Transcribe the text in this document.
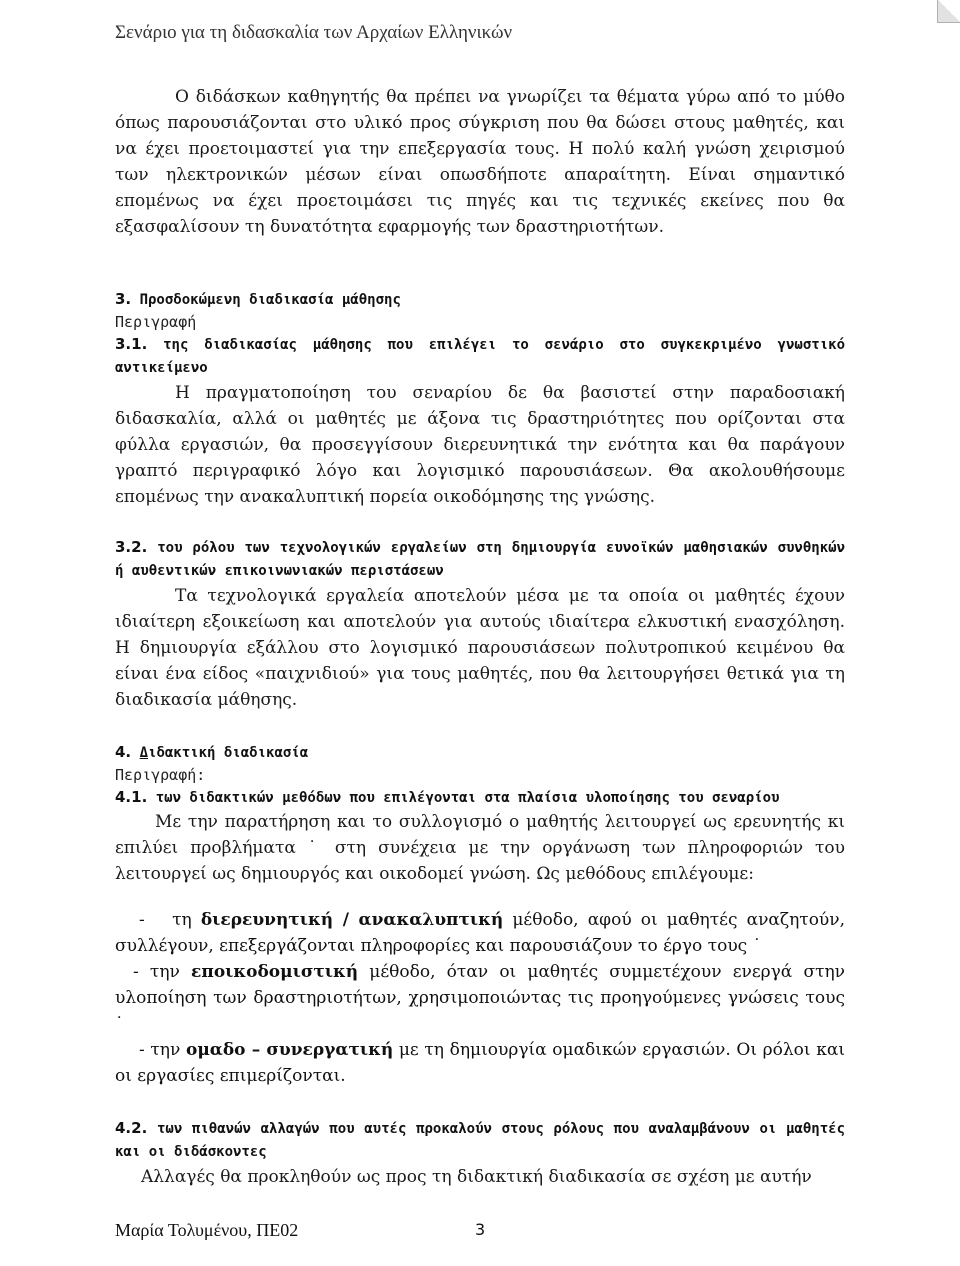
Σενάριο για τη διδασκαλία των Αρχαίων Ελληνικών

Ο διδάσκων καθηγητής θα πρέπει να γνωρίζει τα θέματα γύρω από το μύθο όπως παρουσιάζονται στο υλικό προς σύγκριση που θα δώσει στους μαθητές, και να έχει προετοιμαστεί για την επεξεργασία τους. Η πολύ καλή γνώση χειρισμού των ηλεκτρονικών μέσων είναι οπωσδήποτε απαραίτητη. Είναι σημαντικό επομένως να έχει προετοιμάσει τις πηγές και τις τεχνικές εκείνες που θα εξασφαλίσουν τη δυνατότητα εφαρμογής των δραστηριοτήτων.

3. Προσδοκώμενη διαδικασία μάθησης

Περιγραφή

3.1. της διαδικασίας μάθησης που επιλέγει το σενάριο στο συγκεκριμένο γνωστικό αντικείμενο

Η πραγματοποίηση του σεναρίου δε θα βασιστεί στην παραδοσιακή διδασκαλία, αλλά οι μαθητές με άξονα τις δραστηριότητες που ορίζονται στα φύλλα εργασιών, θα προσεγγίσουν διερευνητικά την ενότητα και θα παράγουν γραπτό περιγραφικό λόγο και λογισμικό παρουσιάσεων. Θα ακολουθήσουμε επομένως την ανακαλυπτική πορεία οικοδόμησης της γνώσης.

3.2. του ρόλου των τεχνολογικών εργαλείων στη δημιουργία ευνοϊκών μαθησιακών συνθηκών ή αυθεντικών επικοινωνιακών περιστάσεων

Τα τεχνολογικά εργαλεία αποτελούν μέσα με τα οποία οι μαθητές έχουν ιδιαίτερη εξοικείωση και αποτελούν για αυτούς ιδιαίτερα ελκυστική ενασχόληση. Η δημιουργία εξάλλου στο λογισμικό παρουσιάσεων πολυτροπικού κειμένου θα είναι ένα είδος «παιχνιδιού» για τους μαθητές, που θα λειτουργήσει θετικά για τη διαδικασία μάθησης.

4. Διδακτική διαδικασία

Περιγραφή:

4.1. των διδακτικών μεθόδων που επιλέγονται στα πλαίσια υλοποίησης του σεναρίου

Με την παρατήρηση και το συλλογισμό ο μαθητής λειτουργεί ως ερευνητής κι επιλύει προβλήματα ˙ στη συνέχεια με την οργάνωση των πληροφοριών του λειτουργεί ως δημιουργός και οικοδομεί γνώση. Ως μεθόδους επιλέγουμε:

-   τη διερευνητική / ανακαλυπτική μέθοδο, αφού οι μαθητές αναζητούν, συλλέγουν, επεξεργάζονται πληροφορίες και παρουσιάζουν το έργο τους ˙

- την εποικοδομιστική μέθοδο, όταν οι μαθητές συμμετέχουν ενεργά στην υλοποίηση των δραστηριοτήτων, χρησιμοποιώντας τις προηγούμενες γνώσεις τους ˙

- την ομαδο – συνεργατική με τη δημιουργία ομαδικών εργασιών. Οι ρόλοι και οι εργασίες επιμερίζονται.

4.2. των πιθανών αλλαγών που αυτές προκαλούν στους ρόλους που αναλαμβάνουν οι μαθητές και οι διδάσκοντες

Αλλαγές θα προκληθούν ως προς τη διδακτική διαδικασία σε σχέση με αυτήν

Μαρία Τολυμένου, ΠΕ02	3
